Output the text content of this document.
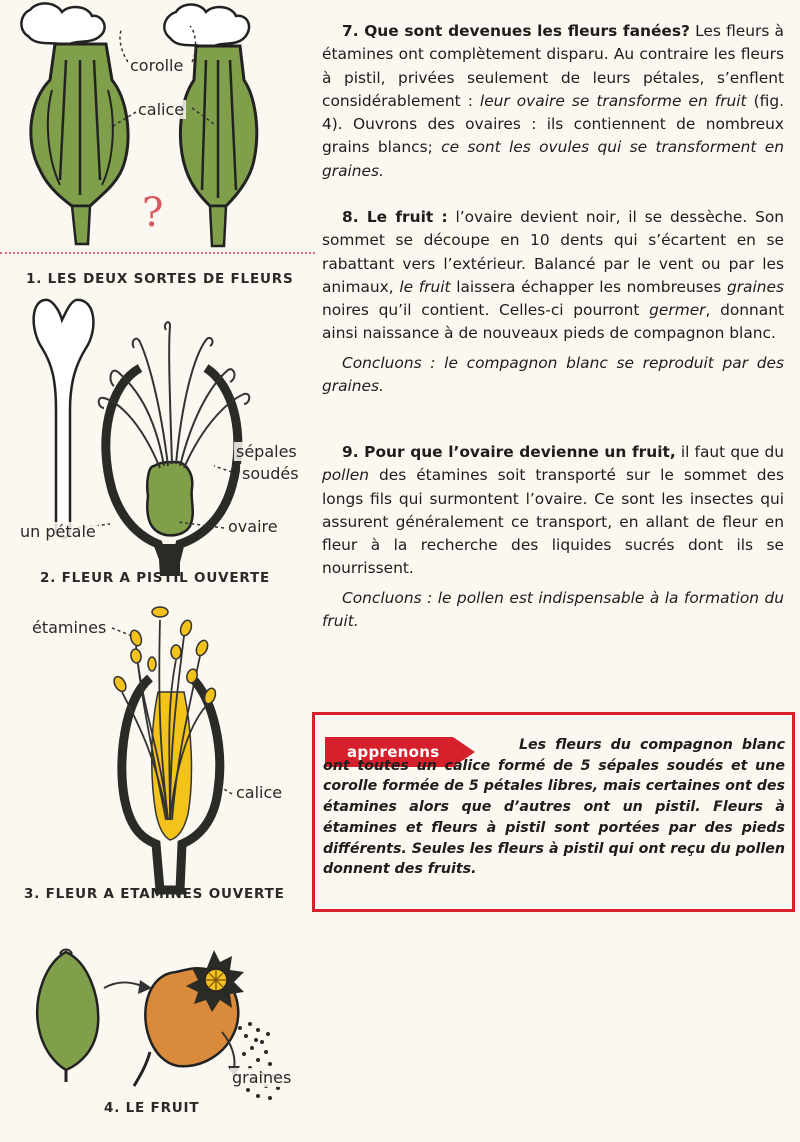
corolle
calice
?
1. LES DEUX SORTES DE FLEURS
un pétale
sépales
soudés
ovaire
2. FLEUR A PISTIL OUVERTE
étamines
calice
3. FLEUR A ETAMINES OUVERTE
graines
4. LE FRUIT

7. Que sont devenues les fleurs fanées? Les fleurs à étamines ont complètement disparu. Au contraire les fleurs à pistil, privées seulement de leurs pétales, s’enflent considérablement : leur ovaire se transforme en fruit (fig. 4). Ouvrons des ovaires : ils contiennent de nombreux grains blancs; ce sont les ovules qui se transforment en graines.

8. Le fruit : l’ovaire devient noir, il se dessèche. Son sommet se découpe en 10 dents qui s’écartent en se rabattant vers l’extérieur. Balancé par le vent ou par les animaux, le fruit laissera échapper les nombreuses graines noires qu’il contient. Celles-ci pourront germer, donnant ainsi naissance à de nouveaux pieds de compagnon blanc.

Concluons : le compagnon blanc se reproduit par des graines.

9. Pour que l’ovaire devienne un fruit, il faut que du pollen des étamines soit transporté sur le sommet des longs fils qui surmontent l’ovaire. Ce sont les insectes qui assurent généralement ce transport, en allant de fleur en fleur à la recherche des liquides sucrés dont ils se nourrissent.

Concluons : le pollen est indispensable à la formation du fruit.

apprenons	Les fleurs du compagnon blanc ont toutes un calice formé de 5 sépales soudés et une corolle formée de 5 pétales libres, mais certaines ont des étamines alors que d’autres ont un pistil. Fleurs à étamines et fleurs à pistil sont portées par des pieds différents. Seules les fleurs à pistil qui ont reçu du pollen donnent des fruits.
